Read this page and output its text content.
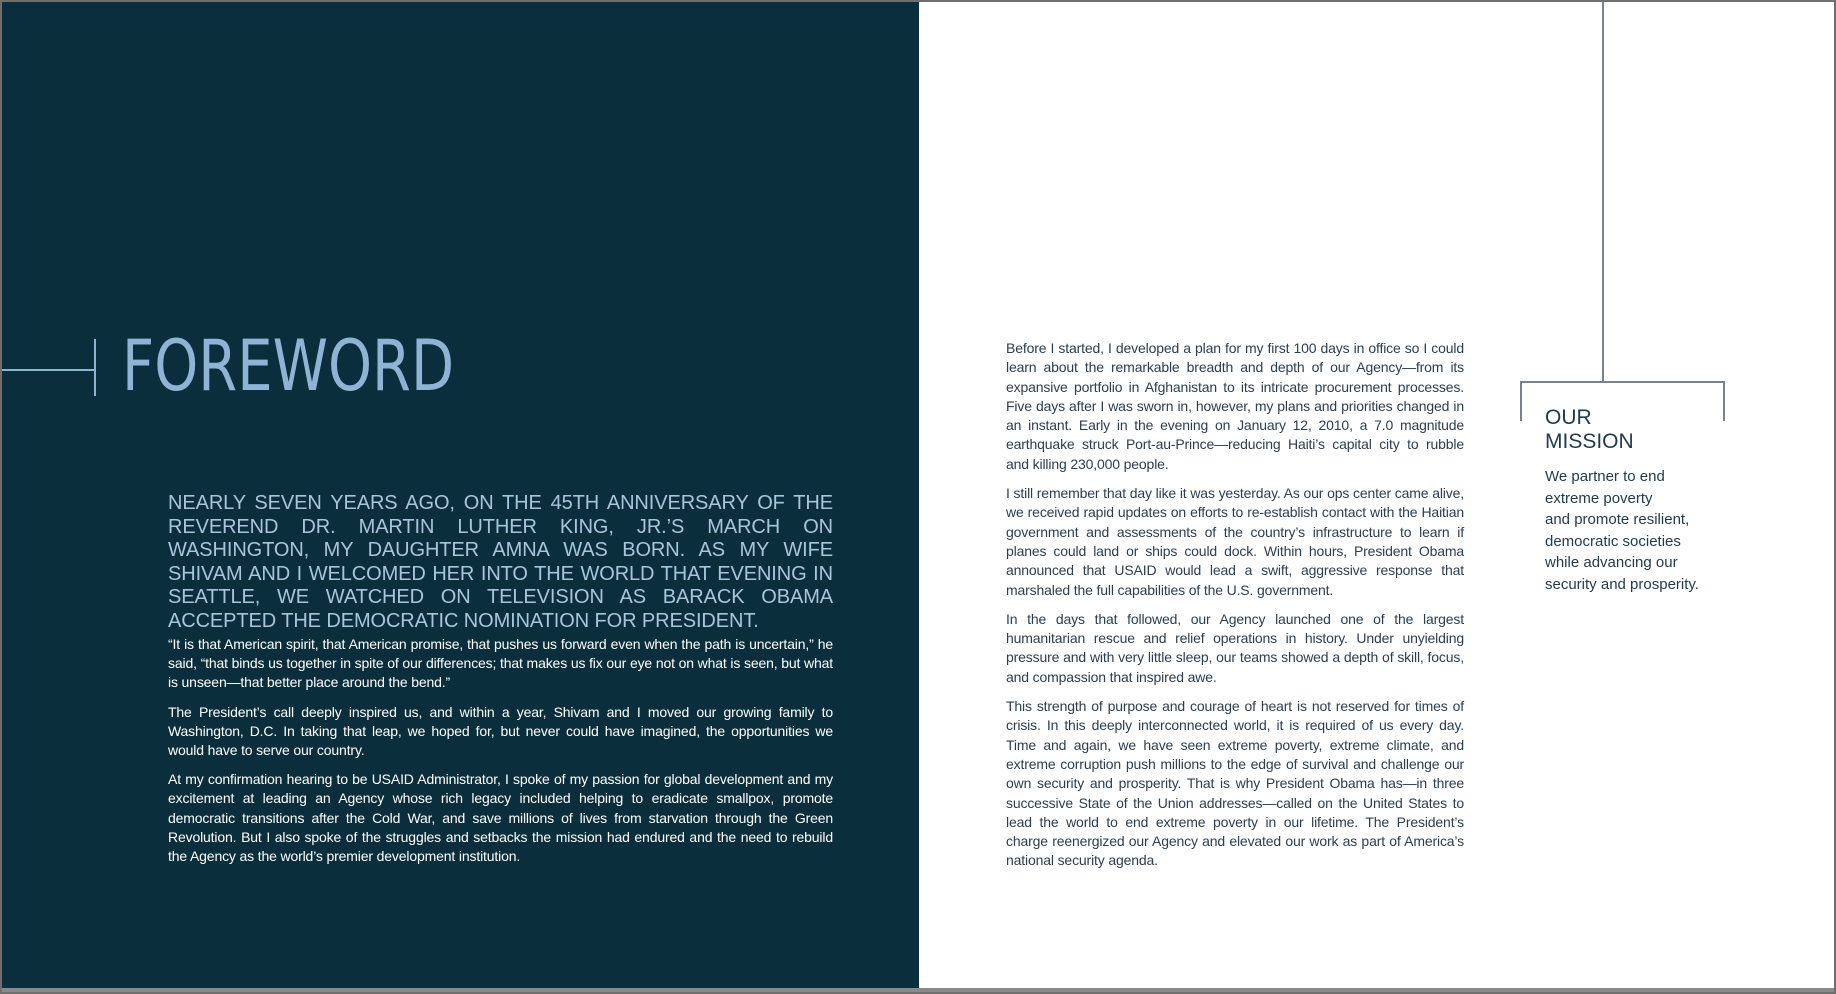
FOREWORD

NEARLY SEVEN YEARS AGO, ON THE 45TH ANNIVERSARY OF THE REVEREND DR. MARTIN LUTHER KING, JR.’S MARCH ON WASHINGTON, MY DAUGHTER AMNA WAS BORN. AS MY WIFE SHIVAM AND I WELCOMED HER INTO THE WORLD THAT EVENING IN SEATTLE, WE WATCHED ON TELEVISION AS BARACK OBAMA ACCEPTED THE DEMOCRATIC NOMINATION FOR PRESIDENT.

“It is that American spirit, that American promise, that pushes us forward even when the path is uncertain,” he said, “that binds us together in spite of our differences; that makes us fix our eye not on what is seen, but what is unseen—that better place around the bend.”

The President’s call deeply inspired us, and within a year, Shivam and I moved our growing family to Washington, D.C. In taking that leap, we hoped for, but never could have imagined, the opportunities we would have to serve our country.

At my confirmation hearing to be USAID Administrator, I spoke of my passion for global development and my excitement at leading an Agency whose rich legacy included helping to eradicate smallpox, promote democratic transitions after the Cold War, and save millions of lives from starvation through the Green Revolution. But I also spoke of the struggles and setbacks the mission had endured and the need to rebuild the Agency as the world’s premier development institution.

Before I started, I developed a plan for my first 100 days in office so I could learn about the remarkable breadth and depth of our Agency—from its expansive portfolio in Afghanistan to its intricate procurement processes. Five days after I was sworn in, however, my plans and priorities changed in an instant. Early in the evening on January 12, 2010, a 7.0 magnitude earthquake struck Port-au-Prince—reducing Haiti’s capital city to rubble and killing 230,000 people.

I still remember that day like it was yesterday. As our ops center came alive, we received rapid updates on efforts to re-establish contact with the Haitian government and assessments of the country’s infrastructure to learn if planes could land or ships could dock. Within hours, President Obama announced that USAID would lead a swift, aggressive response that marshaled the full capabilities of the U.S. government.

In the days that followed, our Agency launched one of the largest humanitarian rescue and relief operations in history. Under unyielding pressure and with very little sleep, our teams showed a depth of skill, focus, and compassion that inspired awe.

This strength of purpose and courage of heart is not reserved for times of crisis. In this deeply interconnected world, it is required of us every day. Time and again, we have seen extreme poverty, extreme climate, and extreme corruption push millions to the edge of survival and challenge our own security and prosperity. That is why President Obama has—in three successive State of the Union addresses—called on the United States to lead the world to end extreme poverty in our lifetime. The President’s charge reenergized our Agency and elevated our work as part of America’s national security agenda.

OUR
MISSION

We partner to end
extreme poverty
and promote resilient,
democratic societies
while advancing our
security and prosperity.
